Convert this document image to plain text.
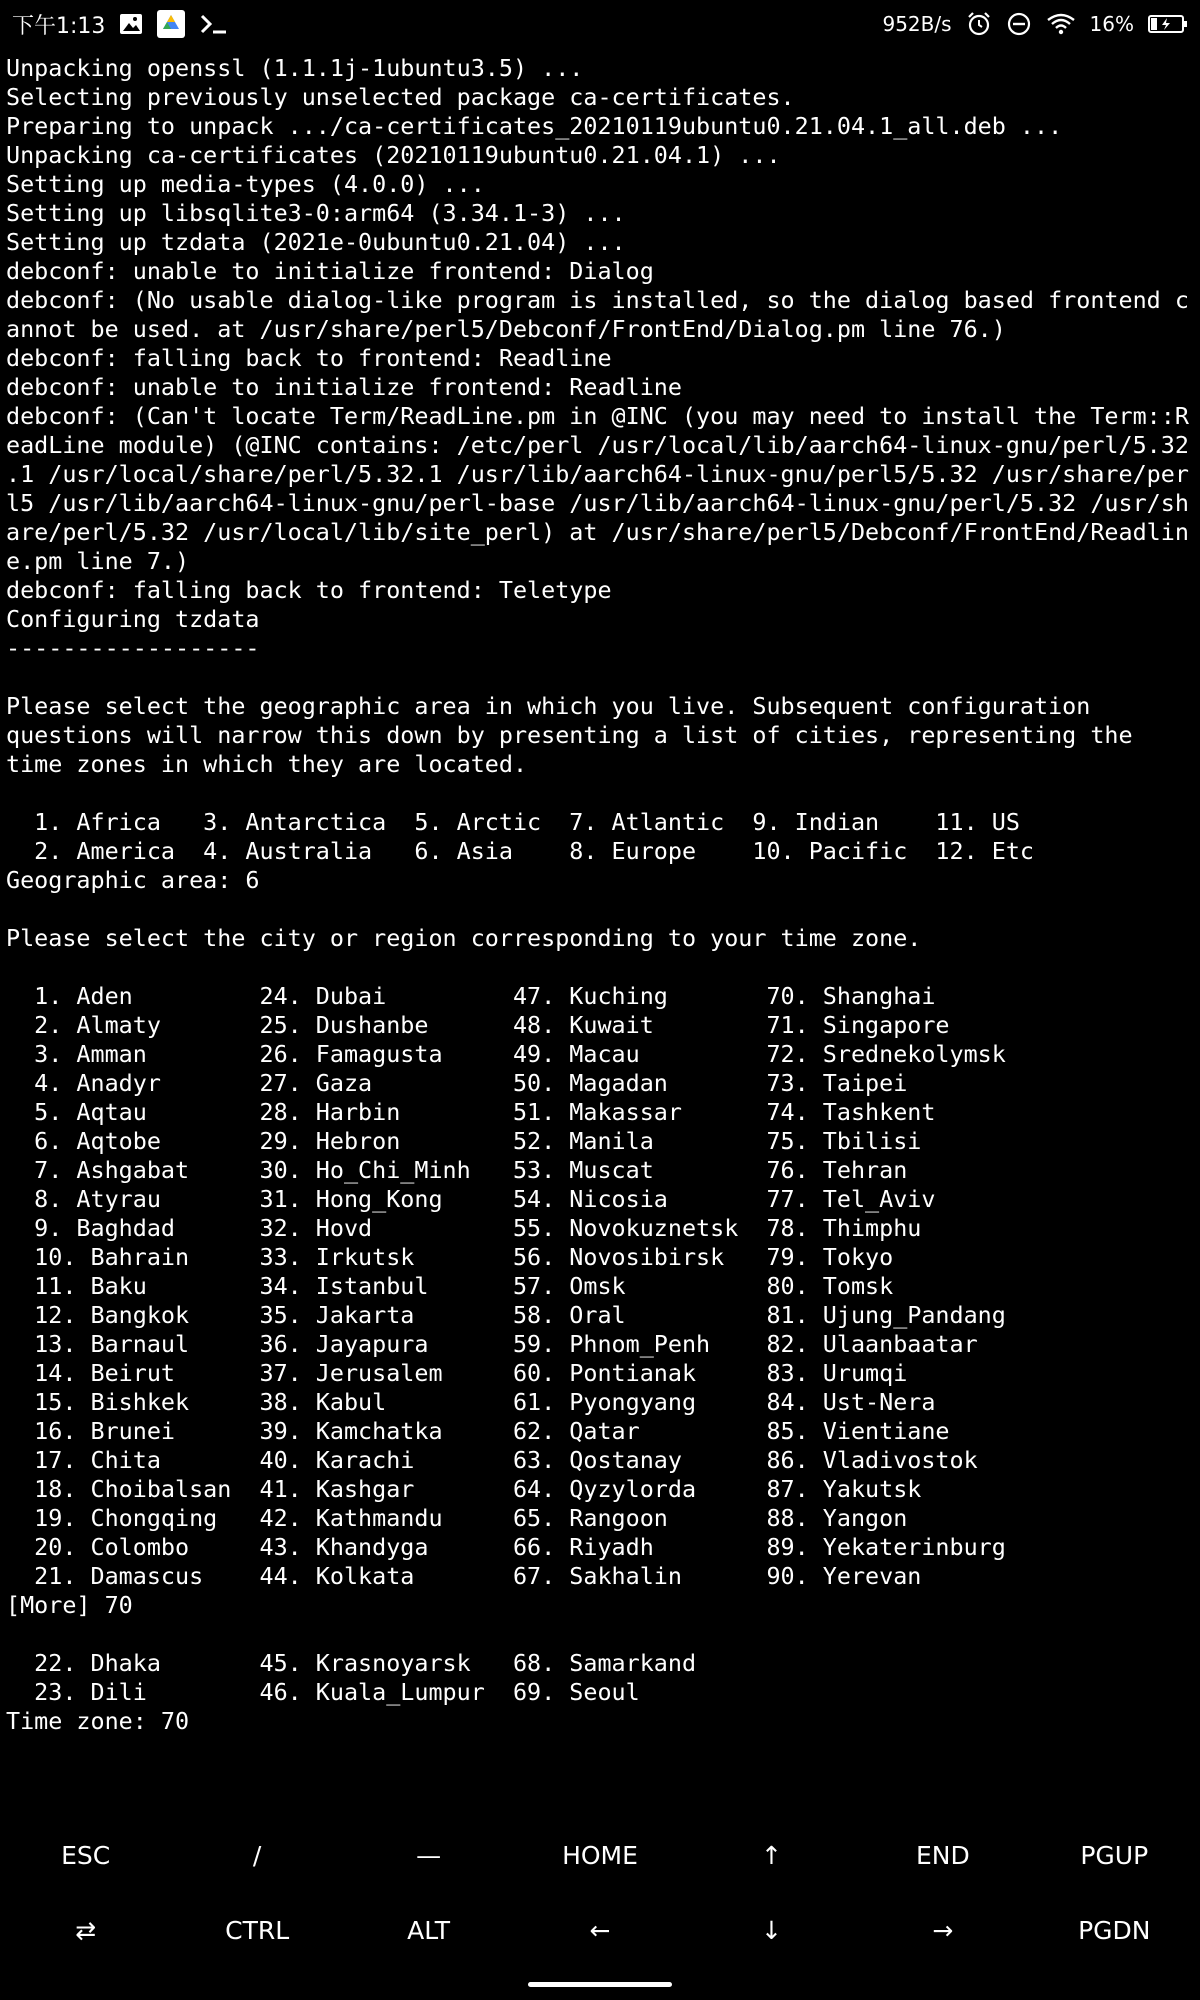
下午1:13	952B/s	16%
Unpacking openssl (1.1.1j-1ubuntu3.5) ...
Selecting previously unselected package ca-certificates.
Preparing to unpack .../ca-certificates_20210119ubuntu0.21.04.1_all.deb ...
Unpacking ca-certificates (20210119ubuntu0.21.04.1) ...
Setting up media-types (4.0.0) ...
Setting up libsqlite3-0:arm64 (3.34.1-3) ...
Setting up tzdata (2021e-0ubuntu0.21.04) ...
debconf: unable to initialize frontend: Dialog
debconf: (No usable dialog-like program is installed, so the dialog based frontend c
annot be used. at /usr/share/perl5/Debconf/FrontEnd/Dialog.pm line 76.)
debconf: falling back to frontend: Readline
debconf: unable to initialize frontend: Readline
debconf: (Can't locate Term/ReadLine.pm in @INC (you may need to install the Term::R
eadLine module) (@INC contains: /etc/perl /usr/local/lib/aarch64-linux-gnu/perl/5.32
.1 /usr/local/share/perl/5.32.1 /usr/lib/aarch64-linux-gnu/perl5/5.32 /usr/share/per
l5 /usr/lib/aarch64-linux-gnu/perl-base /usr/lib/aarch64-linux-gnu/perl/5.32 /usr/sh
are/perl/5.32 /usr/local/lib/site_perl) at /usr/share/perl5/Debconf/FrontEnd/Readlin
e.pm line 7.)
debconf: falling back to frontend: Teletype
Configuring tzdata
------------------
Please select the geographic area in which you live. Subsequent configuration
questions will narrow this down by presenting a list of cities, representing the
time zones in which they are located.
1. Africa   3. Antarctica  5. Arctic  7. Atlantic  9. Indian    11. US
2. America  4. Australia   6. Asia    8. Europe    10. Pacific  12. Etc
Geographic area: 6
Please select the city or region corresponding to your time zone.
1. Aden         24. Dubai         47. Kuching       70. Shanghai
2. Almaty       25. Dushanbe      48. Kuwait        71. Singapore
3. Amman        26. Famagusta     49. Macau         72. Srednekolymsk
4. Anadyr       27. Gaza          50. Magadan       73. Taipei
5. Aqtau        28. Harbin        51. Makassar      74. Tashkent
6. Aqtobe       29. Hebron        52. Manila        75. Tbilisi
7. Ashgabat     30. Ho_Chi_Minh   53. Muscat        76. Tehran
8. Atyrau       31. Hong_Kong     54. Nicosia       77. Tel_Aviv
9. Baghdad      32. Hovd          55. Novokuznetsk  78. Thimphu
10. Bahrain     33. Irkutsk       56. Novosibirsk   79. Tokyo
11. Baku        34. Istanbul      57. Omsk          80. Tomsk
12. Bangkok     35. Jakarta       58. Oral          81. Ujung_Pandang
13. Barnaul     36. Jayapura      59. Phnom_Penh    82. Ulaanbaatar
14. Beirut      37. Jerusalem     60. Pontianak     83. Urumqi
15. Bishkek     38. Kabul         61. Pyongyang     84. Ust-Nera
16. Brunei      39. Kamchatka     62. Qatar         85. Vientiane
17. Chita       40. Karachi       63. Qostanay      86. Vladivostok
18. Choibalsan  41. Kashgar       64. Qyzylorda     87. Yakutsk
19. Chongqing   42. Kathmandu     65. Rangoon       88. Yangon
20. Colombo     43. Khandyga      66. Riyadh        89. Yekaterinburg
21. Damascus    44. Kolkata       67. Sakhalin      90. Yerevan
[More] 70
22. Dhaka       45. Krasnoyarsk   68. Samarkand
23. Dili        46. Kuala_Lumpur  69. Seoul
Time zone: 70
ESC	/	—	HOME	↑	END	PGUP
⇄	CTRL	ALT	←	↓	→	PGDN
